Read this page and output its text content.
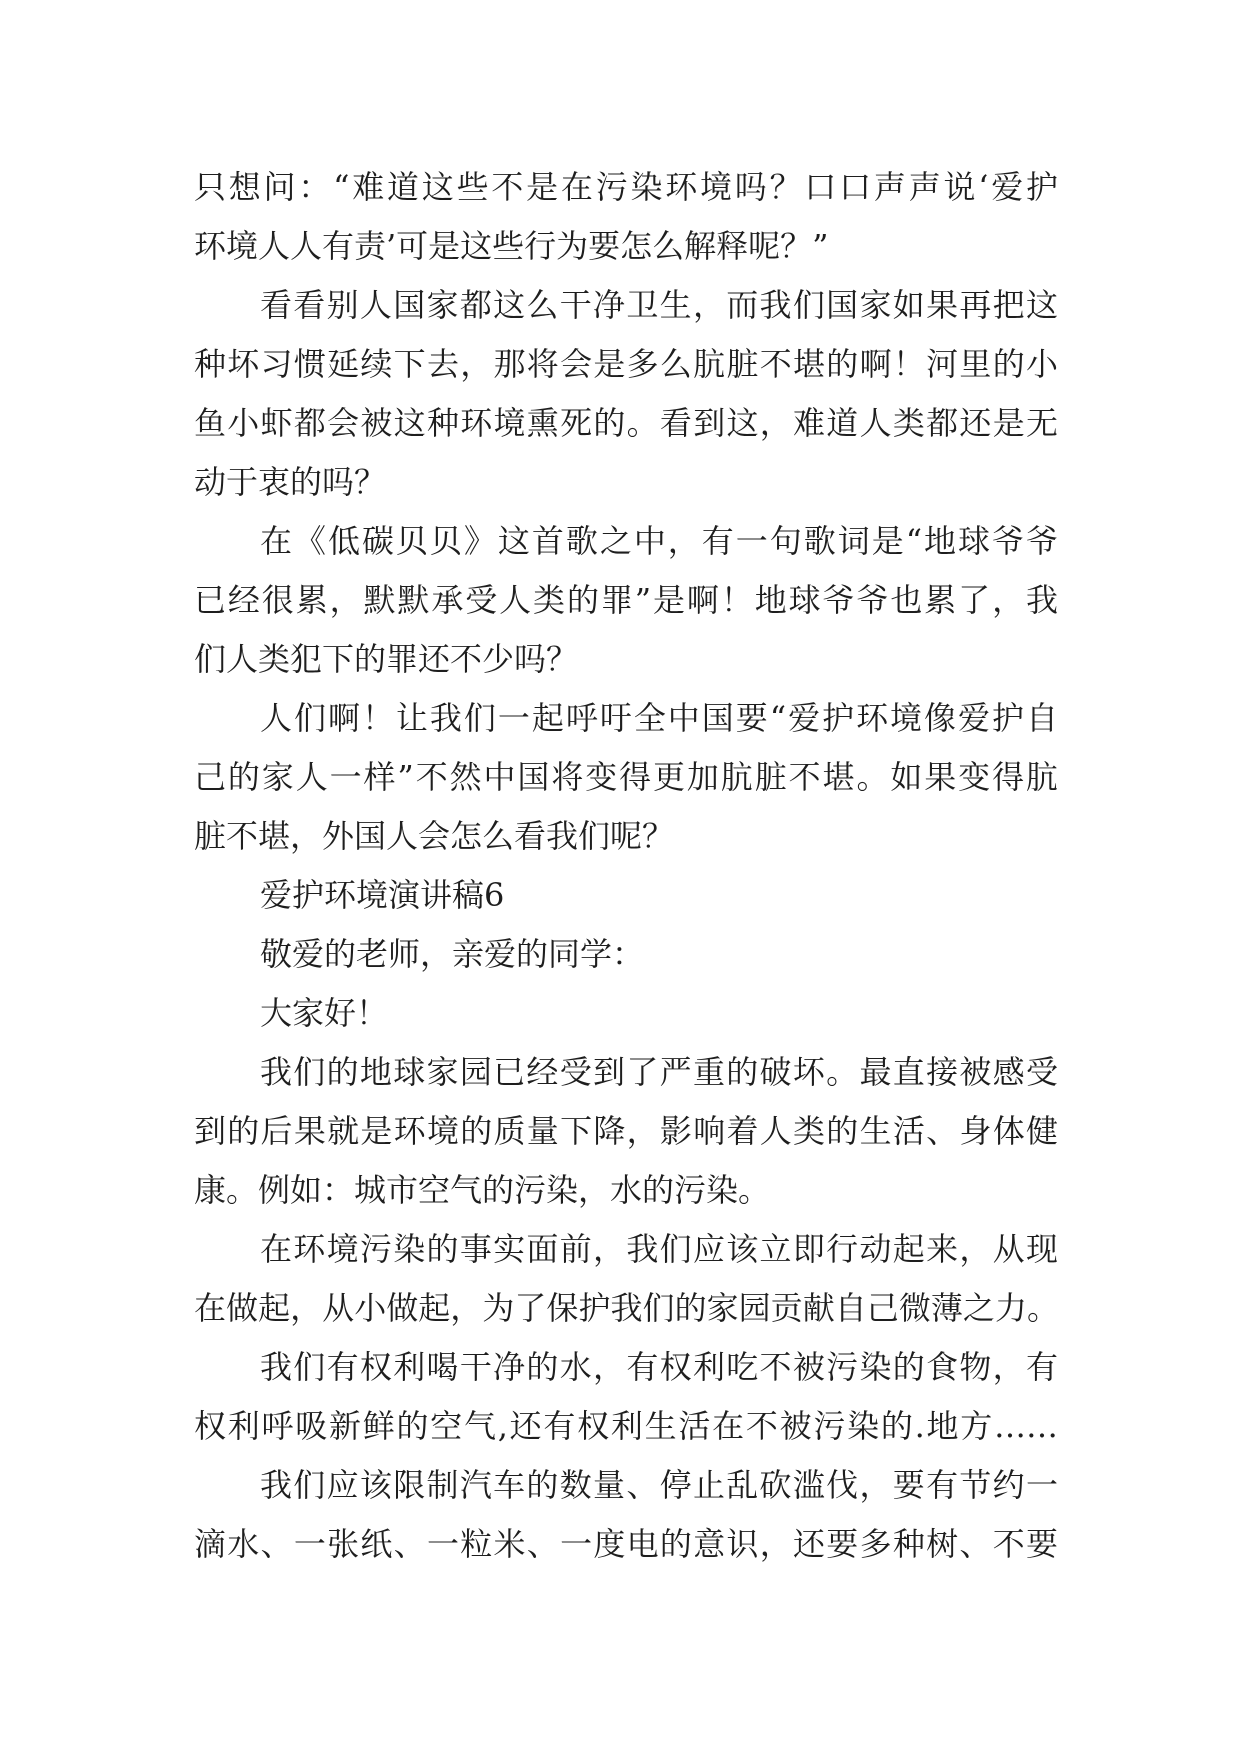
只想问：“难道这些不是在污染环境吗？口口声声说‘爱护
环境人人有责’可是这些行为要怎么解释呢？”
看看别人国家都这么干净卫生，而我们国家如果再把这
种坏习惯延续下去，那将会是多么肮脏不堪的啊！河里的小
鱼小虾都会被这种环境熏死的。看到这，难道人类都还是无
动于衷的吗？
在《低碳贝贝》这首歌之中，有一句歌词是“地球爷爷
已经很累，默默承受人类的罪”是啊！地球爷爷也累了，我
们人类犯下的罪还不少吗？
人们啊！让我们一起呼吁全中国要“爱护环境像爱护自
己的家人一样”不然中国将变得更加肮脏不堪。如果变得肮
脏不堪，外国人会怎么看我们呢？
爱护环境演讲稿6
敬爱的老师，亲爱的同学：
大家好！
我们的地球家园已经受到了严重的破坏。最直接被感受
到的后果就是环境的质量下降，影响着人类的生活、身体健
康。例如：城市空气的污染，水的污染。
在环境污染的事实面前，我们应该立即行动起来，从现
在做起，从小做起，为了保护我们的家园贡献自己微薄之力。
我们有权利喝干净的水，有权利吃不被污染的食物，有
权利呼吸新鲜的空气,还有权利生活在不被污染的.地方……
我们应该限制汽车的数量、停止乱砍滥伐，要有节约一
滴水、一张纸、一粒米、一度电的意识，还要多种树、不要
